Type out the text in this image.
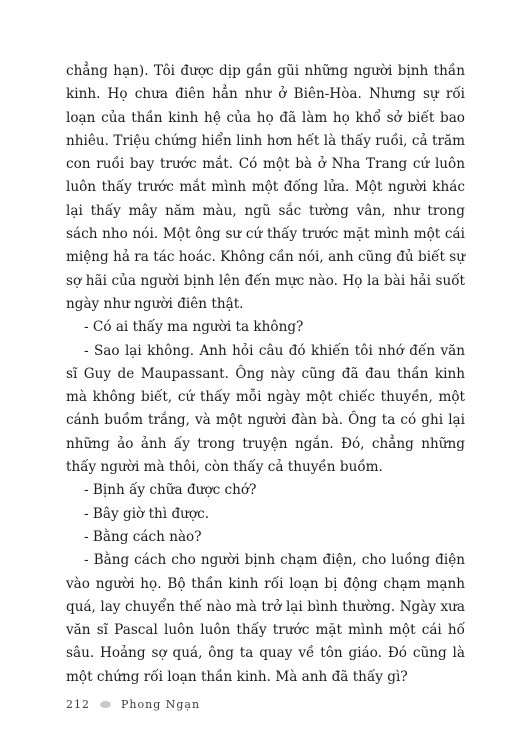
chẳng hạn). Tôi được dịp gần gũi những người bịnh thần kinh. Họ chưa điên hẳn như ở Biên-Hòa. Nhưng sự rối loạn của thần kinh hệ của họ đã làm họ khổ sở biết bao nhiêu. Triệu chứng hiển linh hơn hết là thấy ruồi, cả trăm con ruồi bay trước mắt. Có một bà ở Nha Trang cứ luôn luôn thấy trước mắt mình một đống lửa. Một người khác lại thấy mây năm màu, ngũ sắc tường vân, như trong sách nho nói. Một ông sư cứ thấy trước mặt mình một cái miệng hả ra tác hoác. Không cần nói, anh cũng đủ biết sự sợ hãi của người bịnh lên đến mực nào. Họ la bài hải suốt ngày như người điên thật.

- Có ai thấy ma người ta không?

- Sao lại không. Anh hỏi câu đó khiến tôi nhớ đến văn sĩ Guy de Maupassant. Ông này cũng đã đau thần kinh mà không biết, cứ thấy mỗi ngày một chiếc thuyền, một cánh buồm trắng, và một người đàn bà. Ông ta có ghi lại những ảo ảnh ấy trong truyện ngắn. Đó, chẳng những thấy người mà thôi, còn thấy cả thuyền buồm.

- Bịnh ấy chữa được chớ?

- Bây giờ thì được.

- Bằng cách nào?

- Bằng cách cho người bịnh chạm điện, cho luồng điện vào người họ. Bộ thần kinh rối loạn bị động chạm mạnh quá, lay chuyển thế nào mà trở lại bình thường. Ngày xưa văn sĩ Pascal luôn luôn thấy trước mặt mình một cái hố sâu. Hoảng sợ quá, ông ta quay về tôn giáo. Đó cũng là một chứng rối loạn thần kinh. Mà anh đã thấy gì?

212	Phong Ngạn
